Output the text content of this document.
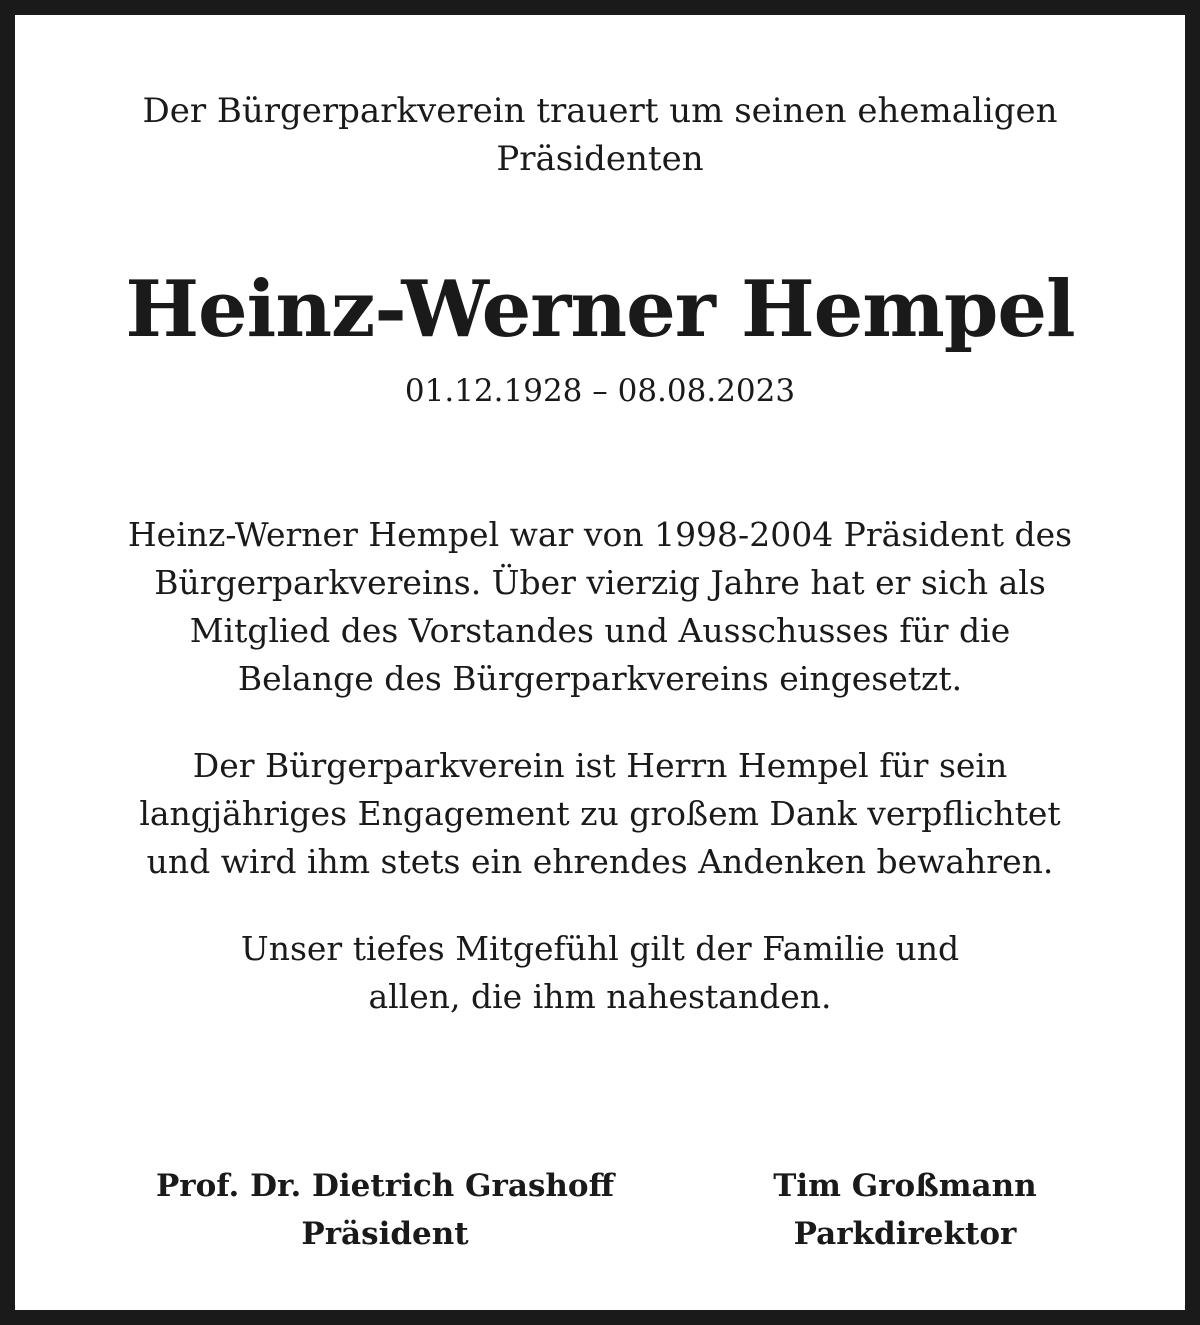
Der Bürgerparkverein trauert um seinen ehemaligen
Präsidenten
Heinz-Werner Hempel
01.12.1928 – 08.08.2023
Heinz-Werner Hempel war von 1998-2004 Präsident des
Bürgerparkvereins. Über vierzig Jahre hat er sich als
Mitglied des Vorstandes und Ausschusses für die
Belange des Bürgerparkvereins eingesetzt.
Der Bürgerparkverein ist Herrn Hempel für sein
langjähriges Engagement zu großem Dank verpflichtet
und wird ihm stets ein ehrendes Andenken bewahren.
Unser tiefes Mitgefühl gilt der Familie und
allen, die ihm nahestanden.
Prof. Dr. Dietrich Grashoff
Präsident
Tim Großmann
Parkdirektor
